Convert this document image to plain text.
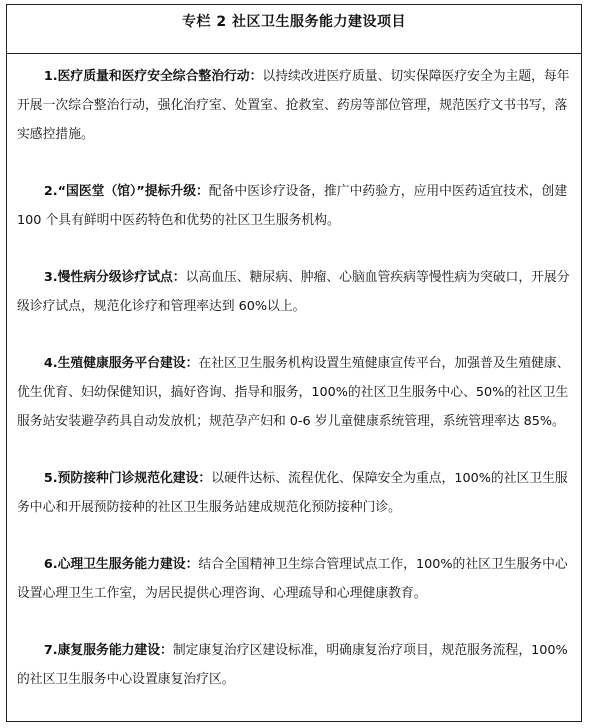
专栏 2 社区卫生服务能力建设项目

1.医疗质量和医疗安全综合整治行动：以持续改进医疗质量、切实保障医疗安全为主题，每年开展一次综合整治行动，强化治疗室、处置室、抢救室、药房等部位管理，规范医疗文书书写，落实感控措施。

2.“国医堂（馆）”提标升级：配备中医诊疗设备，推广中药验方，应用中医药适宜技术，创建 100 个具有鲜明中医药特色和优势的社区卫生服务机构。

3.慢性病分级诊疗试点：以高血压、糖尿病、肿瘤、心脑血管疾病等慢性病为突破口，开展分级诊疗试点，规范化诊疗和管理率达到 60%以上。

4.生殖健康服务平台建设：在社区卫生服务机构设置生殖健康宣传平台，加强普及生殖健康、优生优育、妇幼保健知识，搞好咨询、指导和服务，100%的社区卫生服务中心、50%的社区卫生服务站安装避孕药具自动发放机；规范孕产妇和 0-6 岁儿童健康系统管理，系统管理率达 85%。

5.预防接种门诊规范化建设：以硬件达标、流程优化、保障安全为重点，100%的社区卫生服务中心和开展预防接种的社区卫生服务站建成规范化预防接种门诊。

6.心理卫生服务能力建设：结合全国精神卫生综合管理试点工作，100%的社区卫生服务中心设置心理卫生工作室，为居民提供心理咨询、心理疏导和心理健康教育。

7.康复服务能力建设：制定康复治疗区建设标准，明确康复治疗项目，规范服务流程，100%的社区卫生服务中心设置康复治疗区。
